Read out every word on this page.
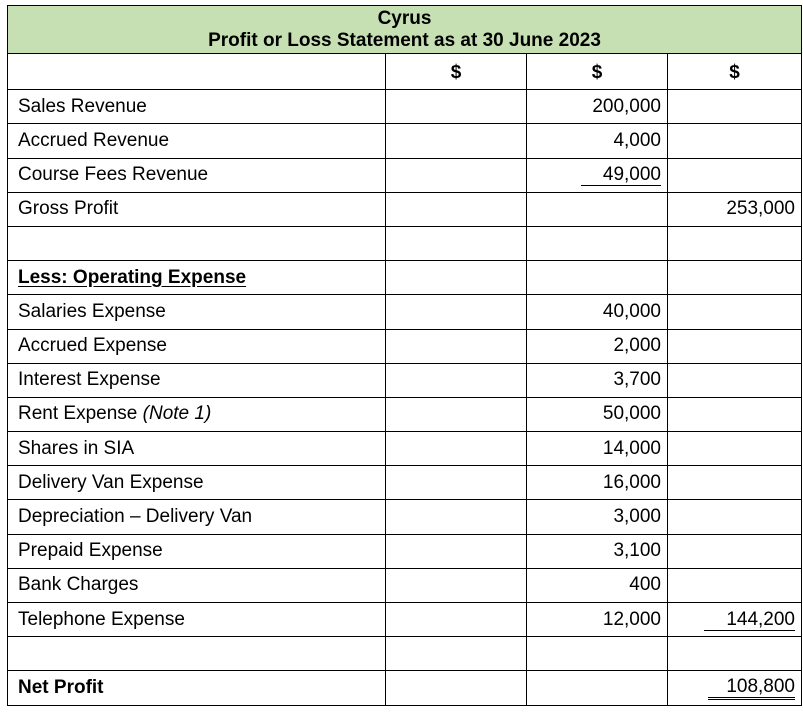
Cyrus
Profit or Loss Statement as at 30 June 2023			

	$	$	$
Sales Revenue		200,000	
Accrued Revenue		4,000	
Course Fees Revenue		49,000	
Gross Profit			253,000

Less: Operating Expense			
Salaries Expense		40,000	
Accrued Expense		2,000	
Interest Expense		3,700	
Rent Expense (Note 1)		50,000	
Shares in SIA		14,000	
Delivery Van Expense		16,000	
Depreciation – Delivery Van		3,000	
Prepaid Expense		3,100	
Bank Charges		400	
Telephone Expense		12,000	144,200

Net Profit			108,800
